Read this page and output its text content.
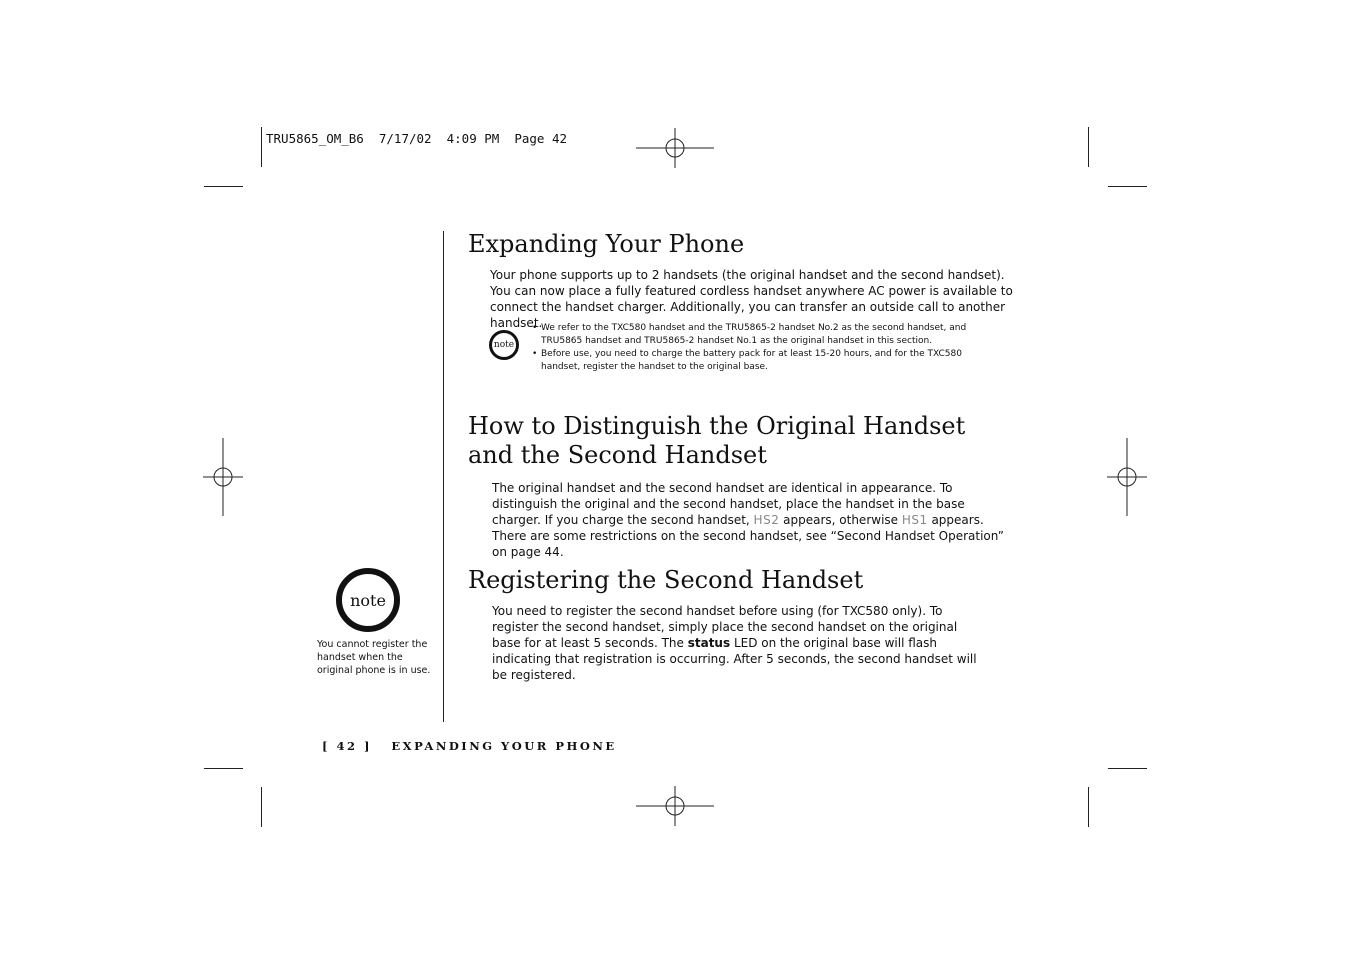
TRU5865_OM_B6  7/17/02  4:09 PM  Page 42
Expanding Your Phone
Your phone supports up to 2 handsets (the original handset and the second handset). You can now place a fully featured cordless handset anywhere AC power is available to connect the handset charger. Additionally, you can transfer an outside call to another handset.
note
• We refer to the TXC580 handset and the TRU5865-2 handset No.2 as the second handset, and TRU5865 handset and TRU5865-2 handset No.1 as the original handset in this section.
• Before use, you need to charge the battery pack for at least 15-20 hours, and for the TXC580 handset, register the handset to the original base.
How to Distinguish the Original Handset
and the Second Handset
The original handset and the second handset are identical in appearance. To distinguish the original and the second handset, place the handset in the base charger. If you charge the second handset, HS2 appears, otherwise HS1 appears. There are some restrictions on the second handset, see “Second Handset Operation” on page 44.
Registering the Second Handset
You need to register the second handset before using (for TXC580 only). To register the second handset, simply place the second handset on the original base for at least 5 seconds. The status LED on the original base will flash indicating that registration is occurring. After 5 seconds, the second handset will be registered.
note
You cannot register the handset when the original phone is in use.
[ 42 ]   EXPANDING YOUR PHONE
